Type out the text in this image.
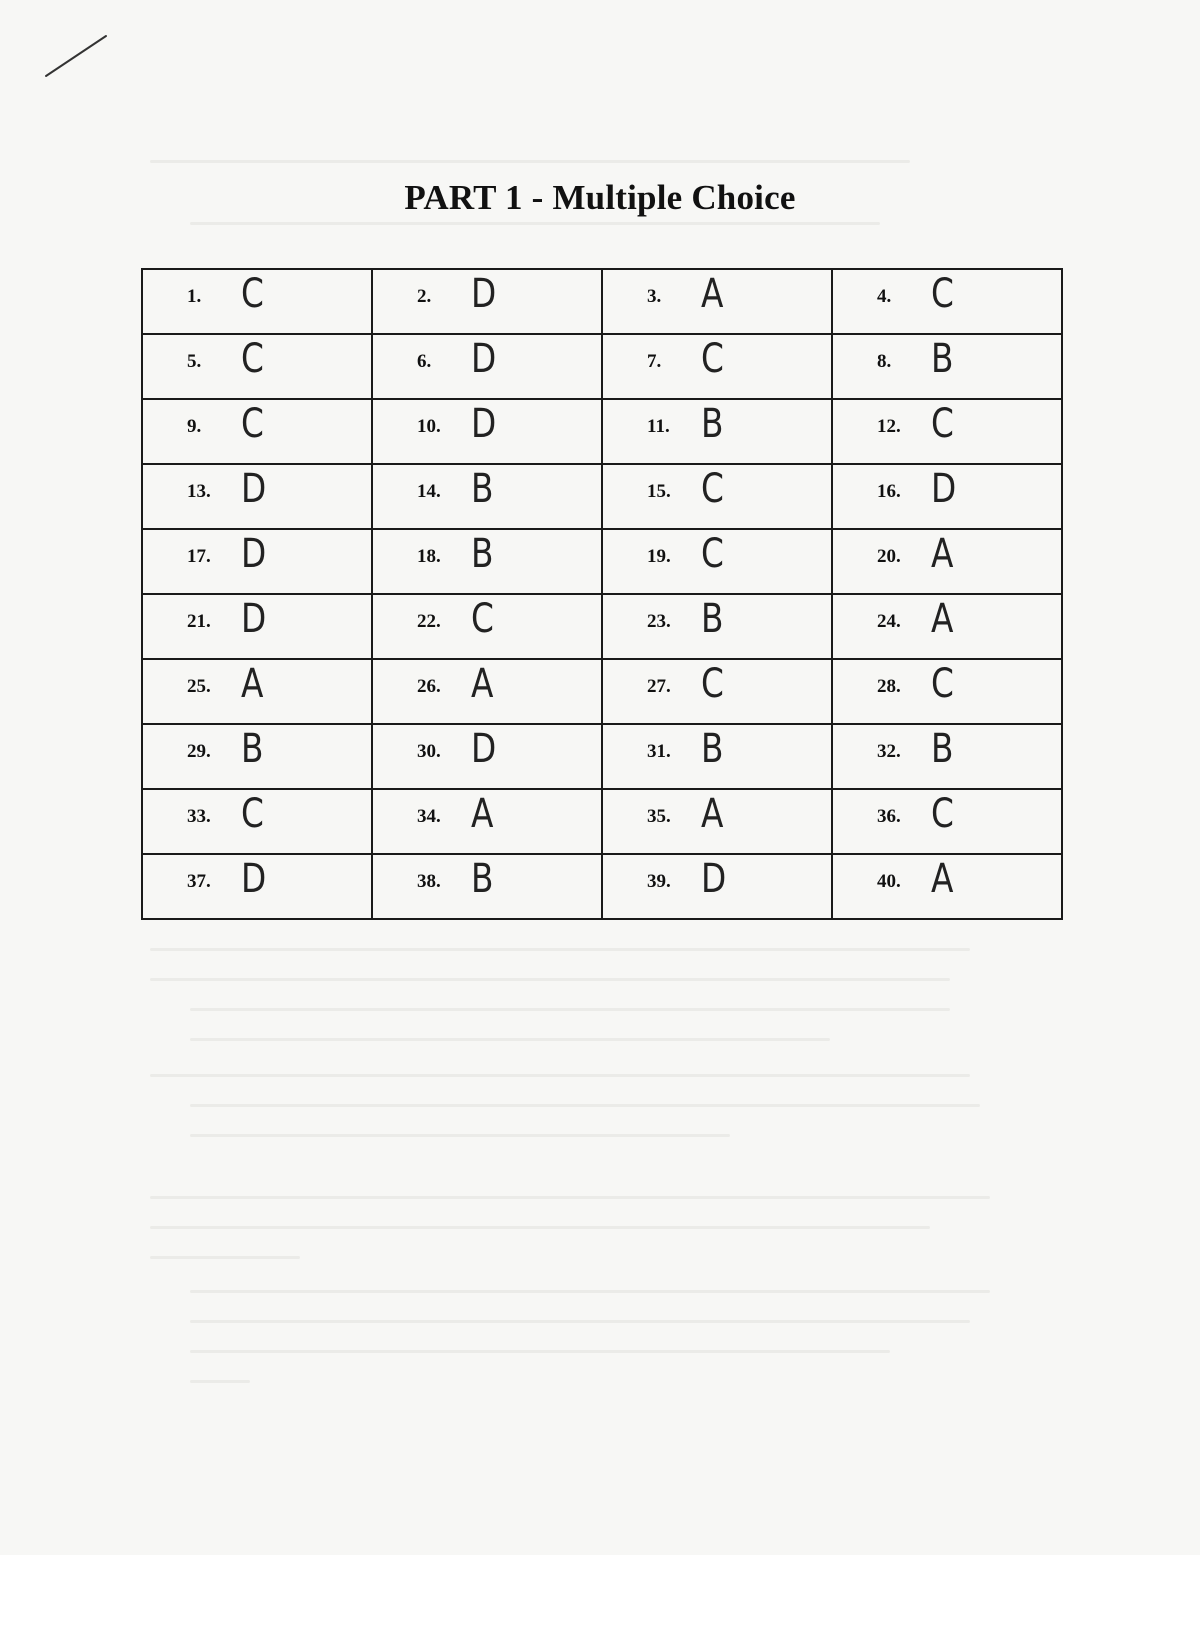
PART 1 - Multiple Choice
1. C	2. D	3. A	4. C

5. C	6. D	7. C	8. B

9. C	10. D	11. B	12. C

13. D	14. B	15. C	16. D

17. D	18. B	19. C	20. A

21. D	22. C	23. B	24. A

25. A	26. A	27. C	28. C

29. B	30. D	31. B	32. B

33. C	34. A	35. A	36. C

37. D	38. B	39. D	40. A
